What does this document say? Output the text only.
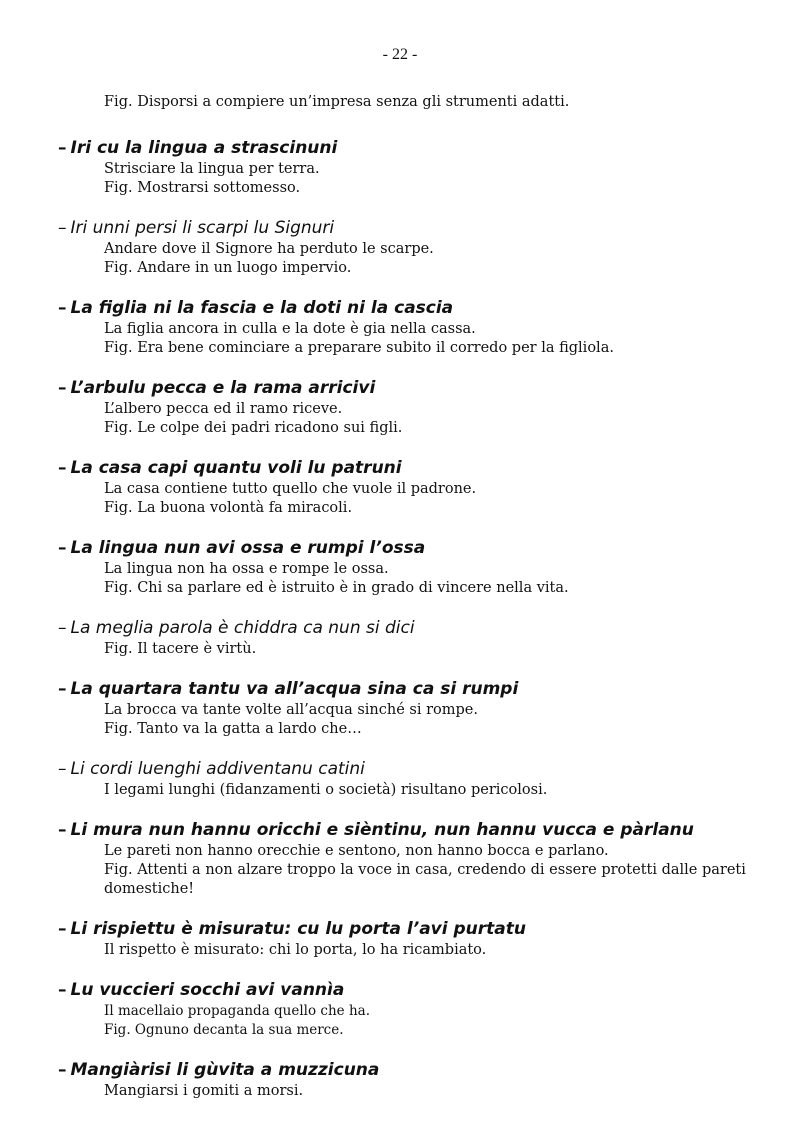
- 22 -
Fig. Disporsi a compiere un’impresa senza gli strumenti adatti.
– Iri cu la lingua a strascinuni
Strisciare la lingua per terra.
Fig. Mostrarsi sottomesso.
– Iri unni persi li scarpi lu Signuri
Andare dove il Signore ha perduto le scarpe.
Fig. Andare in un luogo impervio.
– La figlia ni la fascia e la doti ni la cascia
La figlia ancora in culla e la dote è gia nella cassa.
Fig. Era bene cominciare a preparare subito il corredo per la figliola.
– L’arbulu pecca e la rama arricivi
L’albero pecca ed il ramo riceve.
Fig. Le colpe dei padri ricadono sui figli.
– La casa capi quantu voli lu patruni
La casa contiene tutto quello che vuole il padrone.
Fig. La buona volontà fa miracoli.
– La lingua nun avi ossa e rumpi l’ossa
La lingua non ha ossa e rompe le ossa.
Fig. Chi sa parlare ed è istruito è in grado di vincere nella vita.
– La meglia parola è chiddra ca nun si dici
Fig. Il tacere è virtù.
– La quartara tantu va all’acqua sina ca si rumpi
La brocca va tante volte all’acqua sinché si rompe.
Fig. Tanto va la gatta a lardo che…
– Li cordi luenghi addiventanu catini
I legami lunghi (fidanzamenti o società) risultano pericolosi.
– Li mura nun hannu oricchi e sièntinu, nun hannu vucca e pàrlanu
Le pareti non hanno orecchie e sentono, non hanno bocca e parlano.
Fig. Attenti a non alzare troppo la voce in casa, credendo di essere protetti dalle pareti
domestiche!
– Li rispiettu è misuratu: cu lu porta l’avi purtatu
Il rispetto è misurato: chi lo porta, lo ha ricambiato.
– Lu vuccieri socchi avi vannìa
Il macellaio propaganda quello che ha.
Fig. Ognuno decanta la sua merce.
– Mangiàrisi li gùvita a muzzicuna
Mangiarsi i gomiti a morsi.
